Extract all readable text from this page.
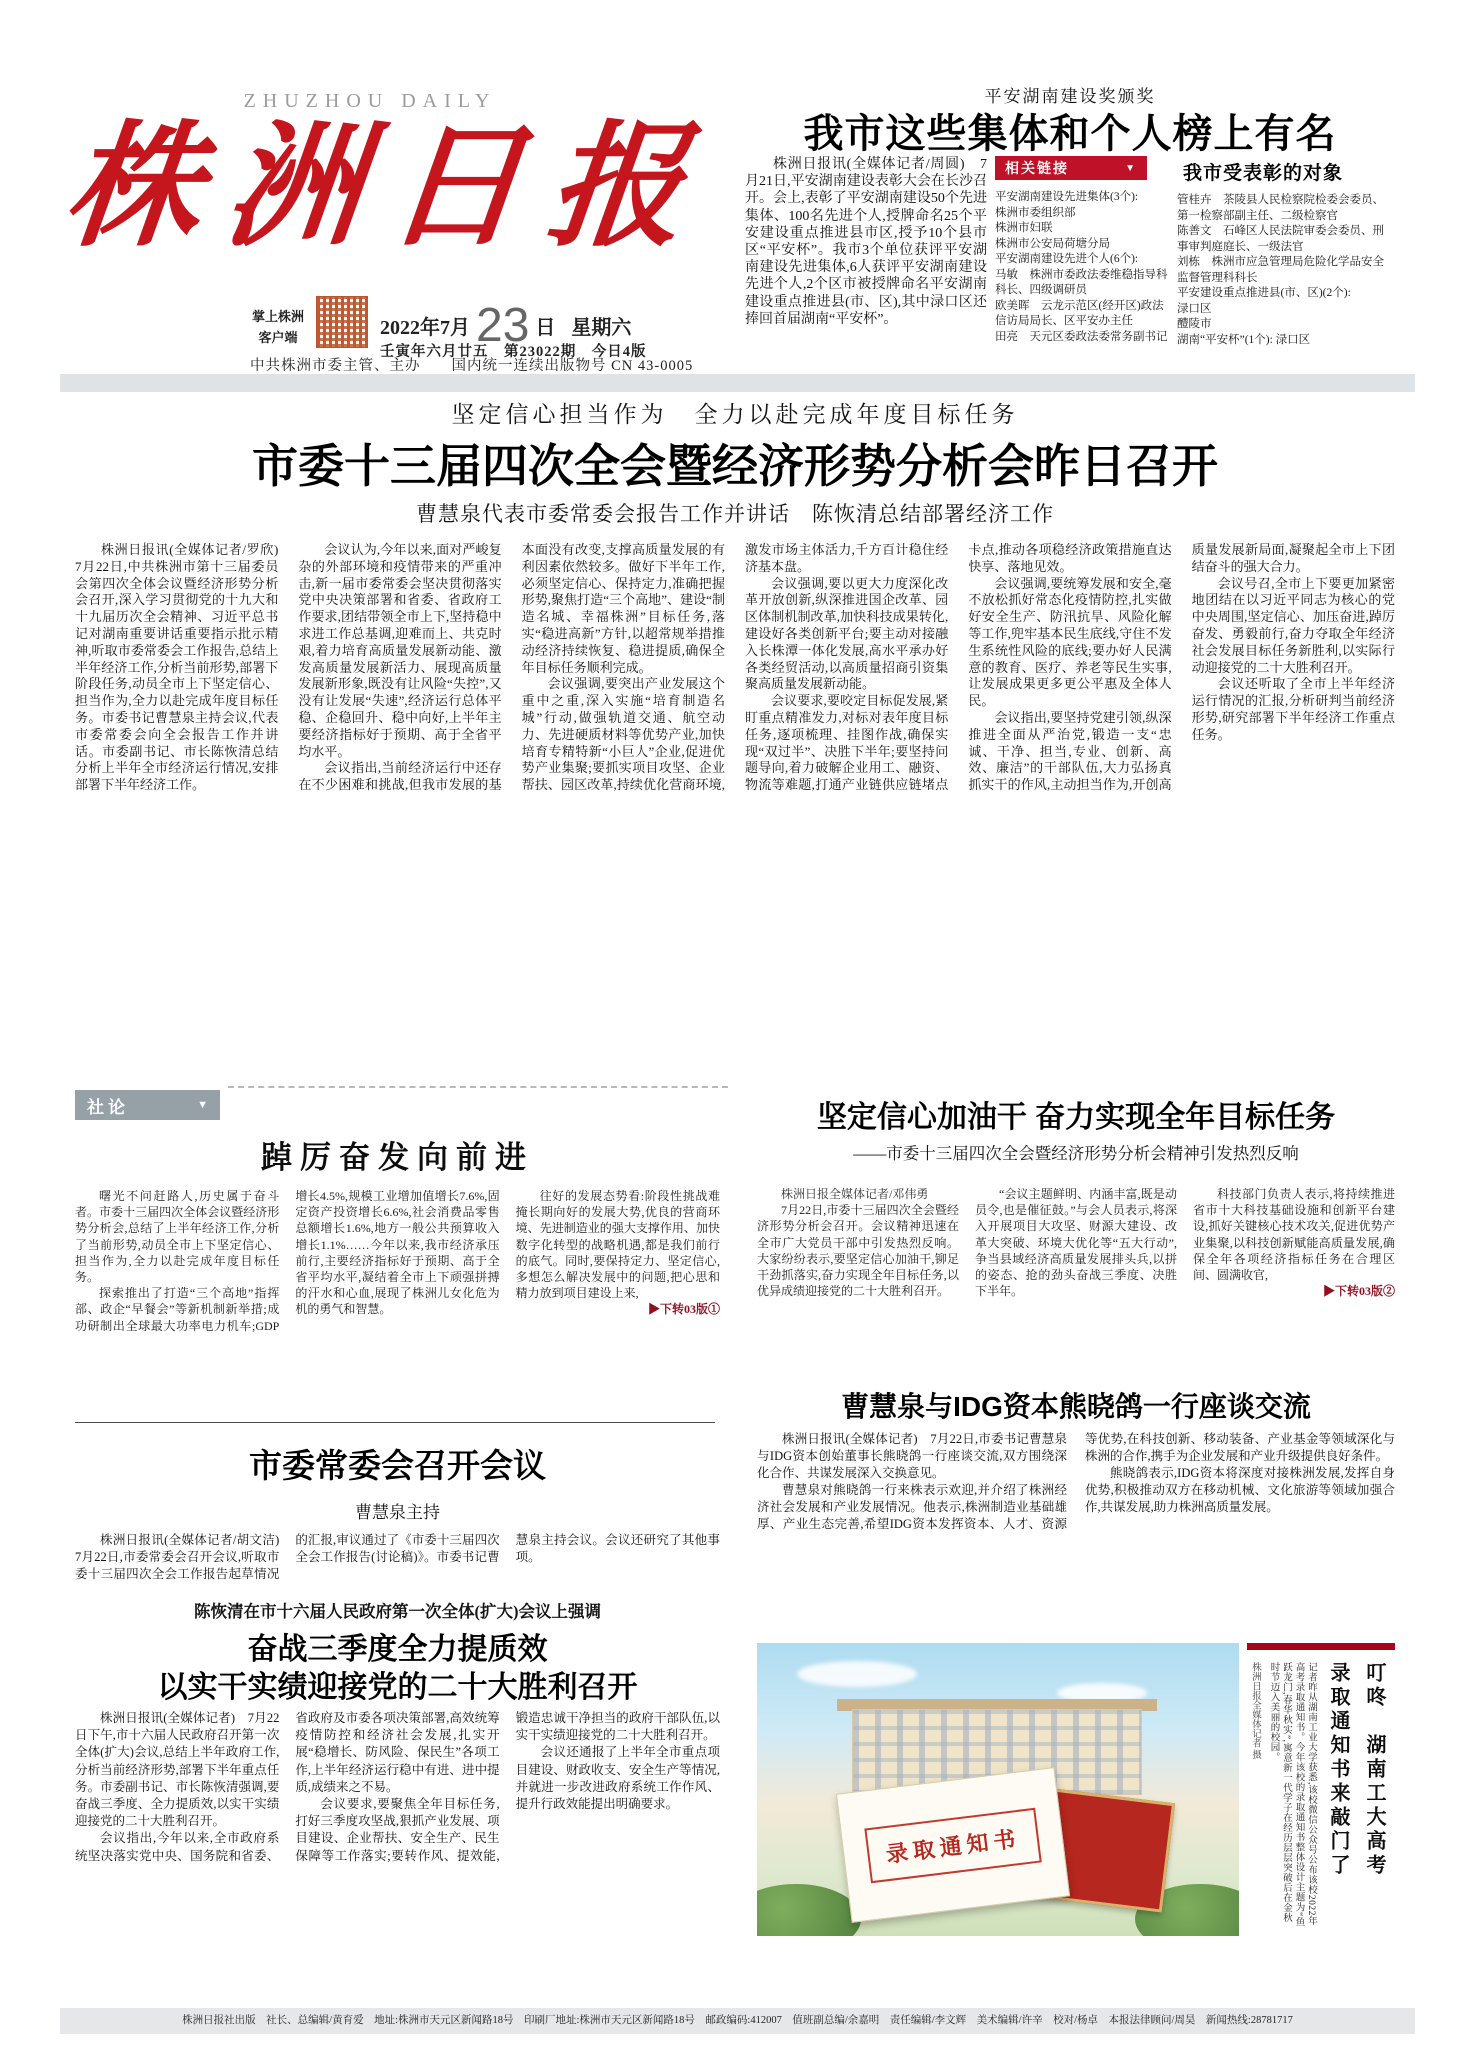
ZHUZHOU DAILY
株洲日报
掌上株洲
客户端	2022年7月 23 日 星期六
壬寅年六月廿五　第23022期　今日4版
中共株洲市委主管、主办　　国内统一连续出版物号 CN 43-0005
平安湖南建设奖颁奖
我市这些集体和个人榜上有名

株洲日报讯(全媒体记者/周圆)　7月21日,平安湖南建设表彰大会在长沙召开。会上,表彰了平安湖南建设50个先进集体、100名先进个人,授牌命名25个平安建设重点推进县市区,授予10个县市区“平安杯”。我市3个单位获评平安湖南建设先进集体,6人获评平安湖南建设先进个人,2个区市被授牌命名平安湖南建设重点推进县(市、区),其中渌口区还捧回首届湖南“平安杯”。

相关链接	▼
平安湖南建设先进集体(3个):
株洲市委组织部
株洲市妇联
株洲市公安局荷塘分局
平安湖南建设先进个人(6个):
马敏　株洲市委政法委维稳指导科科长、四级调研员
欧美晖　云龙示范区(经开区)政法信访局局长、区平安办主任
田亮　天元区委政法委常务副书记
我市受表彰的对象
管桂卉　茶陵县人民检察院检委会委员、第一检察部副主任、二级检察官
陈善文　石峰区人民法院审委会委员、刑事审判庭庭长、一级法官
刘栋　株洲市应急管理局危险化学品安全监督管理科科长
平安建设重点推进县(市、区)(2个):
渌口区
醴陵市
湖南“平安杯”(1个): 渌口区
坚定信心担当作为　全力以赴完成年度目标任务
市委十三届四次全会暨经济形势分析会昨日召开
曹慧泉代表市委常委会报告工作并讲话　陈恢清总结部署经济工作

株洲日报讯(全媒体记者/罗欣)　7月22日,中共株洲市第十三届委员会第四次全体会议暨经济形势分析会召开,深入学习贯彻党的十九大和十九届历次全会精神、习近平总书记对湖南重要讲话重要指示批示精神,听取市委常委会工作报告,总结上半年经济工作,分析当前形势,部署下阶段任务,动员全市上下坚定信心、担当作为,全力以赴完成年度目标任务。市委书记曹慧泉主持会议,代表市委常委会向全会报告工作并讲话。市委副书记、市长陈恢清总结分析上半年全市经济运行情况,安排部署下半年经济工作。

会议认为,今年以来,面对严峻复杂的外部环境和疫情带来的严重冲击,新一届市委常委会坚决贯彻落实党中央决策部署和省委、省政府工作要求,团结带领全市上下,坚持稳中求进工作总基调,迎难而上、共克时艰,着力培育高质量发展新动能、激发高质量发展新活力、展现高质量发展新形象,既没有让风险“失控”,又没有让发展“失速”,经济运行总体平稳、企稳回升、稳中向好,上半年主要经济指标好于预期、高于全省平均水平。

会议指出,当前经济运行中还存在不少困难和挑战,但我市发展的基本面没有改变,支撑高质量发展的有利因素依然较多。做好下半年工作,必须坚定信心、保持定力,准确把握形势,聚焦打造“三个高地”、建设“制造名城、幸福株洲”目标任务,落实“稳进高新”方针,以超常规举措推动经济持续恢复、稳进提质,确保全年目标任务顺利完成。

会议强调,要突出产业发展这个重中之重,深入实施“培育制造名城”行动,做强轨道交通、航空动力、先进硬质材料等优势产业,加快培育专精特新“小巨人”企业,促进优势产业集聚;要抓实项目攻坚、企业帮扶、园区改革,持续优化营商环境,激发市场主体活力,千方百计稳住经济基本盘。

会议强调,要以更大力度深化改革开放创新,纵深推进国企改革、园区体制机制改革,加快科技成果转化,建设好各类创新平台;要主动对接融入长株潭一体化发展,高水平承办好各类经贸活动,以高质量招商引资集聚高质量发展新动能。

会议要求,要咬定目标促发展,紧盯重点精准发力,对标对表年度目标任务,逐项梳理、挂图作战,确保实现“双过半”、决胜下半年;要坚持问题导向,着力破解企业用工、融资、物流等难题,打通产业链供应链堵点卡点,推动各项稳经济政策措施直达快享、落地见效。

会议强调,要统筹发展和安全,毫不放松抓好常态化疫情防控,扎实做好安全生产、防汛抗旱、风险化解等工作,兜牢基本民生底线,守住不发生系统性风险的底线;要办好人民满意的教育、医疗、养老等民生实事,让发展成果更多更公平惠及全体人民。

会议指出,要坚持党建引领,纵深推进全面从严治党,锻造一支“忠诚、干净、担当,专业、创新、高效、廉洁”的干部队伍,大力弘扬真抓实干的作风,主动担当作为,开创高质量发展新局面,凝聚起全市上下团结奋斗的强大合力。

会议号召,全市上下要更加紧密地团结在以习近平同志为核心的党中央周围,坚定信心、加压奋进,踔厉奋发、勇毅前行,奋力夺取全年经济社会发展目标任务新胜利,以实际行动迎接党的二十大胜利召开。

会议还听取了全市上半年经济运行情况的汇报,分析研判当前经济形势,研究部署下半年经济工作重点任务。

社论	▼
踔厉奋发向前进

曙光不问赶路人,历史属于奋斗者。市委十三届四次全体会议暨经济形势分析会,总结了上半年经济工作,分析了当前形势,动员全市上下坚定信心、担当作为,全力以赴完成年度目标任务。

探索推出了打造“三个高地”指挥部、政企“早餐会”等新机制新举措;成功研制出全球最大功率电力机车;GDP增长4.5%,规模工业增加值增长7.6%,固定资产投资增长6.6%,社会消费品零售总额增长1.6%,地方一般公共预算收入增长1.1%……今年以来,我市经济承压前行,主要经济指标好于预期、高于全省平均水平,凝结着全市上下顽强拼搏的汗水和心血,展现了株洲儿女化危为机的勇气和智慧。

往好的发展态势看:阶段性挑战难掩长期向好的发展大势,优良的营商环境、先进制造业的强大支撑作用、加快数字化转型的战略机遇,都是我们前行的底气。同时,要保持定力、坚定信心,多想怎么解决发展中的问题,把心思和精力放到项目建设上来,

▶下转03版①
坚定信心加油干 奋力实现全年目标任务
——市委十三届四次全会暨经济形势分析会精神引发热烈反响

株洲日报全媒体记者/邓伟勇

7月22日,市委十三届四次全会暨经济形势分析会召开。会议精神迅速在全市广大党员干部中引发热烈反响。大家纷纷表示,要坚定信心加油干,铆足干劲抓落实,奋力实现全年目标任务,以优异成绩迎接党的二十大胜利召开。

“会议主题鲜明、内涵丰富,既是动员令,也是催征鼓。”与会人员表示,将深入开展项目大攻坚、财源大建设、改革大突破、环境大优化等“五大行动”,争当县域经济高质量发展排头兵,以拼的姿态、抢的劲头奋战三季度、决胜下半年。

科技部门负责人表示,将持续推进省市十大科技基础设施和创新平台建设,抓好关键核心技术攻关,促进优势产业集聚,以科技创新赋能高质量发展,确保全年各项经济指标任务在合理区间、圆满收官,

▶下转03版②
市委常委会召开会议
曹慧泉主持

株洲日报讯(全媒体记者/胡文洁)　7月22日,市委常委会召开会议,听取市委十三届四次全会工作报告起草情况的汇报,审议通过了《市委十三届四次全会工作报告(讨论稿)》。市委书记曹慧泉主持会议。会议还研究了其他事项。

陈恢清在市十六届人民政府第一次全体(扩大)会议上强调
奋战三季度全力提质效
以实干实绩迎接党的二十大胜利召开

株洲日报讯(全媒体记者)　7月22日下午,市十六届人民政府召开第一次全体(扩大)会议,总结上半年政府工作,分析当前经济形势,部署下半年重点任务。市委副书记、市长陈恢清强调,要奋战三季度、全力提质效,以实干实绩迎接党的二十大胜利召开。

会议指出,今年以来,全市政府系统坚决落实党中央、国务院和省委、省政府及市委各项决策部署,高效统筹疫情防控和经济社会发展,扎实开展“稳增长、防风险、保民生”各项工作,上半年经济运行稳中有进、进中提质,成绩来之不易。

会议要求,要聚焦全年目标任务,打好三季度攻坚战,狠抓产业发展、项目建设、企业帮扶、安全生产、民生保障等工作落实;要转作风、提效能,锻造忠诚干净担当的政府干部队伍,以实干实绩迎接党的二十大胜利召开。

会议还通报了上半年全市重点项目建设、财政收支、安全生产等情况,并就进一步改进政府系统工作作风、提升行政效能提出明确要求。

曹慧泉与IDG资本熊晓鸽一行座谈交流

株洲日报讯(全媒体记者)　7月22日,市委书记曹慧泉与IDG资本创始董事长熊晓鸽一行座谈交流,双方围绕深化合作、共谋发展深入交换意见。

曹慧泉对熊晓鸽一行来株表示欢迎,并介绍了株洲经济社会发展和产业发展情况。他表示,株洲制造业基础雄厚、产业生态完善,希望IDG资本发挥资本、人才、资源等优势,在科技创新、移动装备、产业基金等领域深化与株洲的合作,携手为企业发展和产业升级提供良好条件。

熊晓鸽表示,IDG资本将深度对接株洲发展,发挥自身优势,积极推动双方在移动机械、文化旅游等领域加强合作,共谋发展,助力株洲高质量发展。

录取通知书	叮咚　湖南工大高考
录取通知书来敲门了
记者昨从湖南工业大学获悉,该校微信公众号公布该校2022年高考录取通知书。今年该校的录取通知书整体设计主题为“鱼跃龙门,春华秋实”,寓意新一代学子在经历层层突破后在金秋时节迈入美丽的校园。
株洲日报全媒体记者 摄
株洲日报社出版　社长、总编辑/黄育爱　地址:株洲市天元区新闻路18号　印刷厂地址:株洲市天元区新闻路18号　邮政编码:412007　值班副总编/余嘉明　责任编辑/李文辉　美术编辑/许辛　校对/杨卓　本报法律顾问/周昊　新闻热线:28781717
